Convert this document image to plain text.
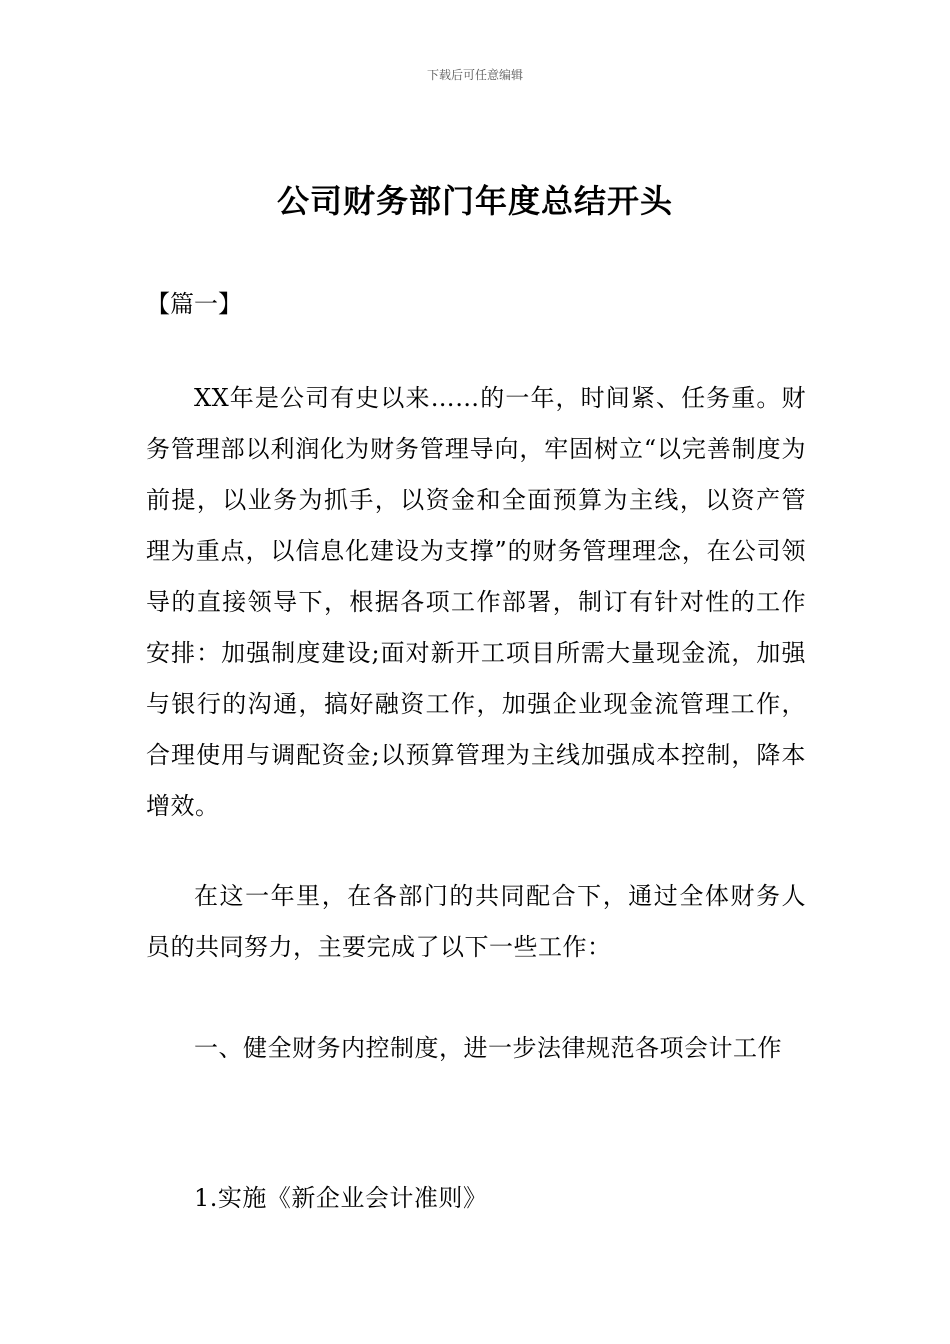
下载后可任意编辑
公司财务部门年度总结开头

【篇一】

XX年是公司有史以来……的一年，时间紧、任务重。财务管理部以利润化为财务管理导向，牢固树立“以完善制度为前提，以业务为抓手，以资金和全面预算为主线，以资产管理为重点，以信息化建设为支撑”的财务管理理念，在公司领导的直接领导下，根据各项工作部署，制订有针对性的工作安排：加强制度建设;面对新开工项目所需大量现金流，加强与银行的沟通，搞好融资工作，加强企业现金流管理工作，合理使用与调配资金;以预算管理为主线加强成本控制，降本增效。

在这一年里，在各部门的共同配合下，通过全体财务人员的共同努力，主要完成了以下一些工作：

一、健全财务内控制度，进一步法律规范各项会计工作

1.实施《新企业会计准则》
